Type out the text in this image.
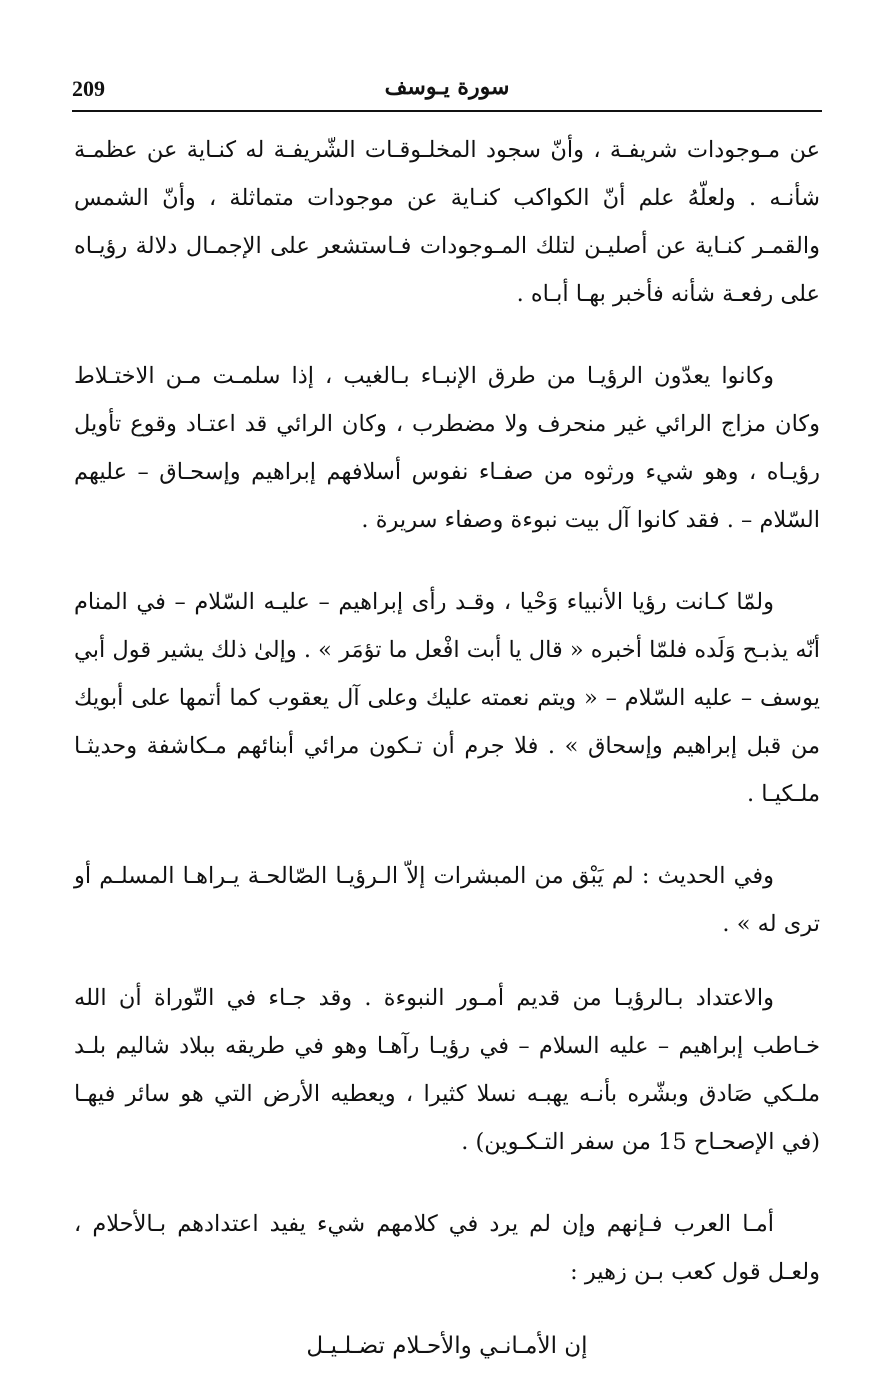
209	سورة يـوسف

عن مـوجودات شريفـة ، وأنّ سجود المخلـوقـات الشّريفـة له كنـاية عن عظمـة شأنـه . ولعلّهُ علم أنّ الكواكب كنـاية عن موجودات متماثلة ، وأنّ الشمس والقمـر كنـاية عن أصليـن لتلك المـوجودات فـاستشعر على الإجمـال دلالة رؤيـاه على رفعـة شأنه فأخبر بهـا أبـاه .

وكانوا يعدّون الرؤيـا من طرق الإنبـاء بـالغيب ، إذا سلمـت مـن الاختـلاط وكان مزاج الرائي غير منحرف ولا مضطرب ، وكان الرائي قد اعتـاد وقوع تأويل رؤيـاه ، وهو شيء ورثوه من صفـاء نفوس أسلافهم إبراهيم وإسحـاق – عليهم السّلام – . فقد كانوا آل بيت نبوءة وصفاء سريرة .

ولمّا كـانت رؤيا الأنبياء وَحْيا ، وقـد رأى إبراهيم – عليـه السّلام – في المنام أنّه يذبـح وَلَده فلمّا أخبره « قال يا أبت افْعل ما تؤمَر » . وإلىٰ ذلك يشير قول أبي يوسف – عليه السّلام – « ويتم نعمته عليك وعلى آل يعقوب كما أتمها على أبويك من قبل إبراهيم وإسحاق » . فلا جرم أن تـكون مرائي أبنائهم مـكاشفة وحديثـا ملـكيـا .

وفي الحديث : لم يَبْق من المبشرات إلاّ الـرؤيـا الصّالحـة يـراهـا المسلـم أو ترى له » .

والاعتداد بـالرؤيـا من قديم أمـور النبوءة . وقد جـاء في التّوراة أن الله خـاطب إبراهيم – عليه السلام – في رؤيـا رآهـا وهو في طريقه ببلاد شاليم بلـد ملـكي صَادق وبشّره بأنـه يهبـه نسلا كثيرا ، ويعطيه الأرض التي هو سائر فيهـا (في الإصحـاح 15 من سفر التـكـوين) .

أمـا العرب فـإنهم وإن لم يرد في كلامهم شيء يفيد اعتدادهم بـالأحلام ، ولعـل قول كعب بـن زهير :

إن الأمـانـي والأحـلام تضـلـيـل
